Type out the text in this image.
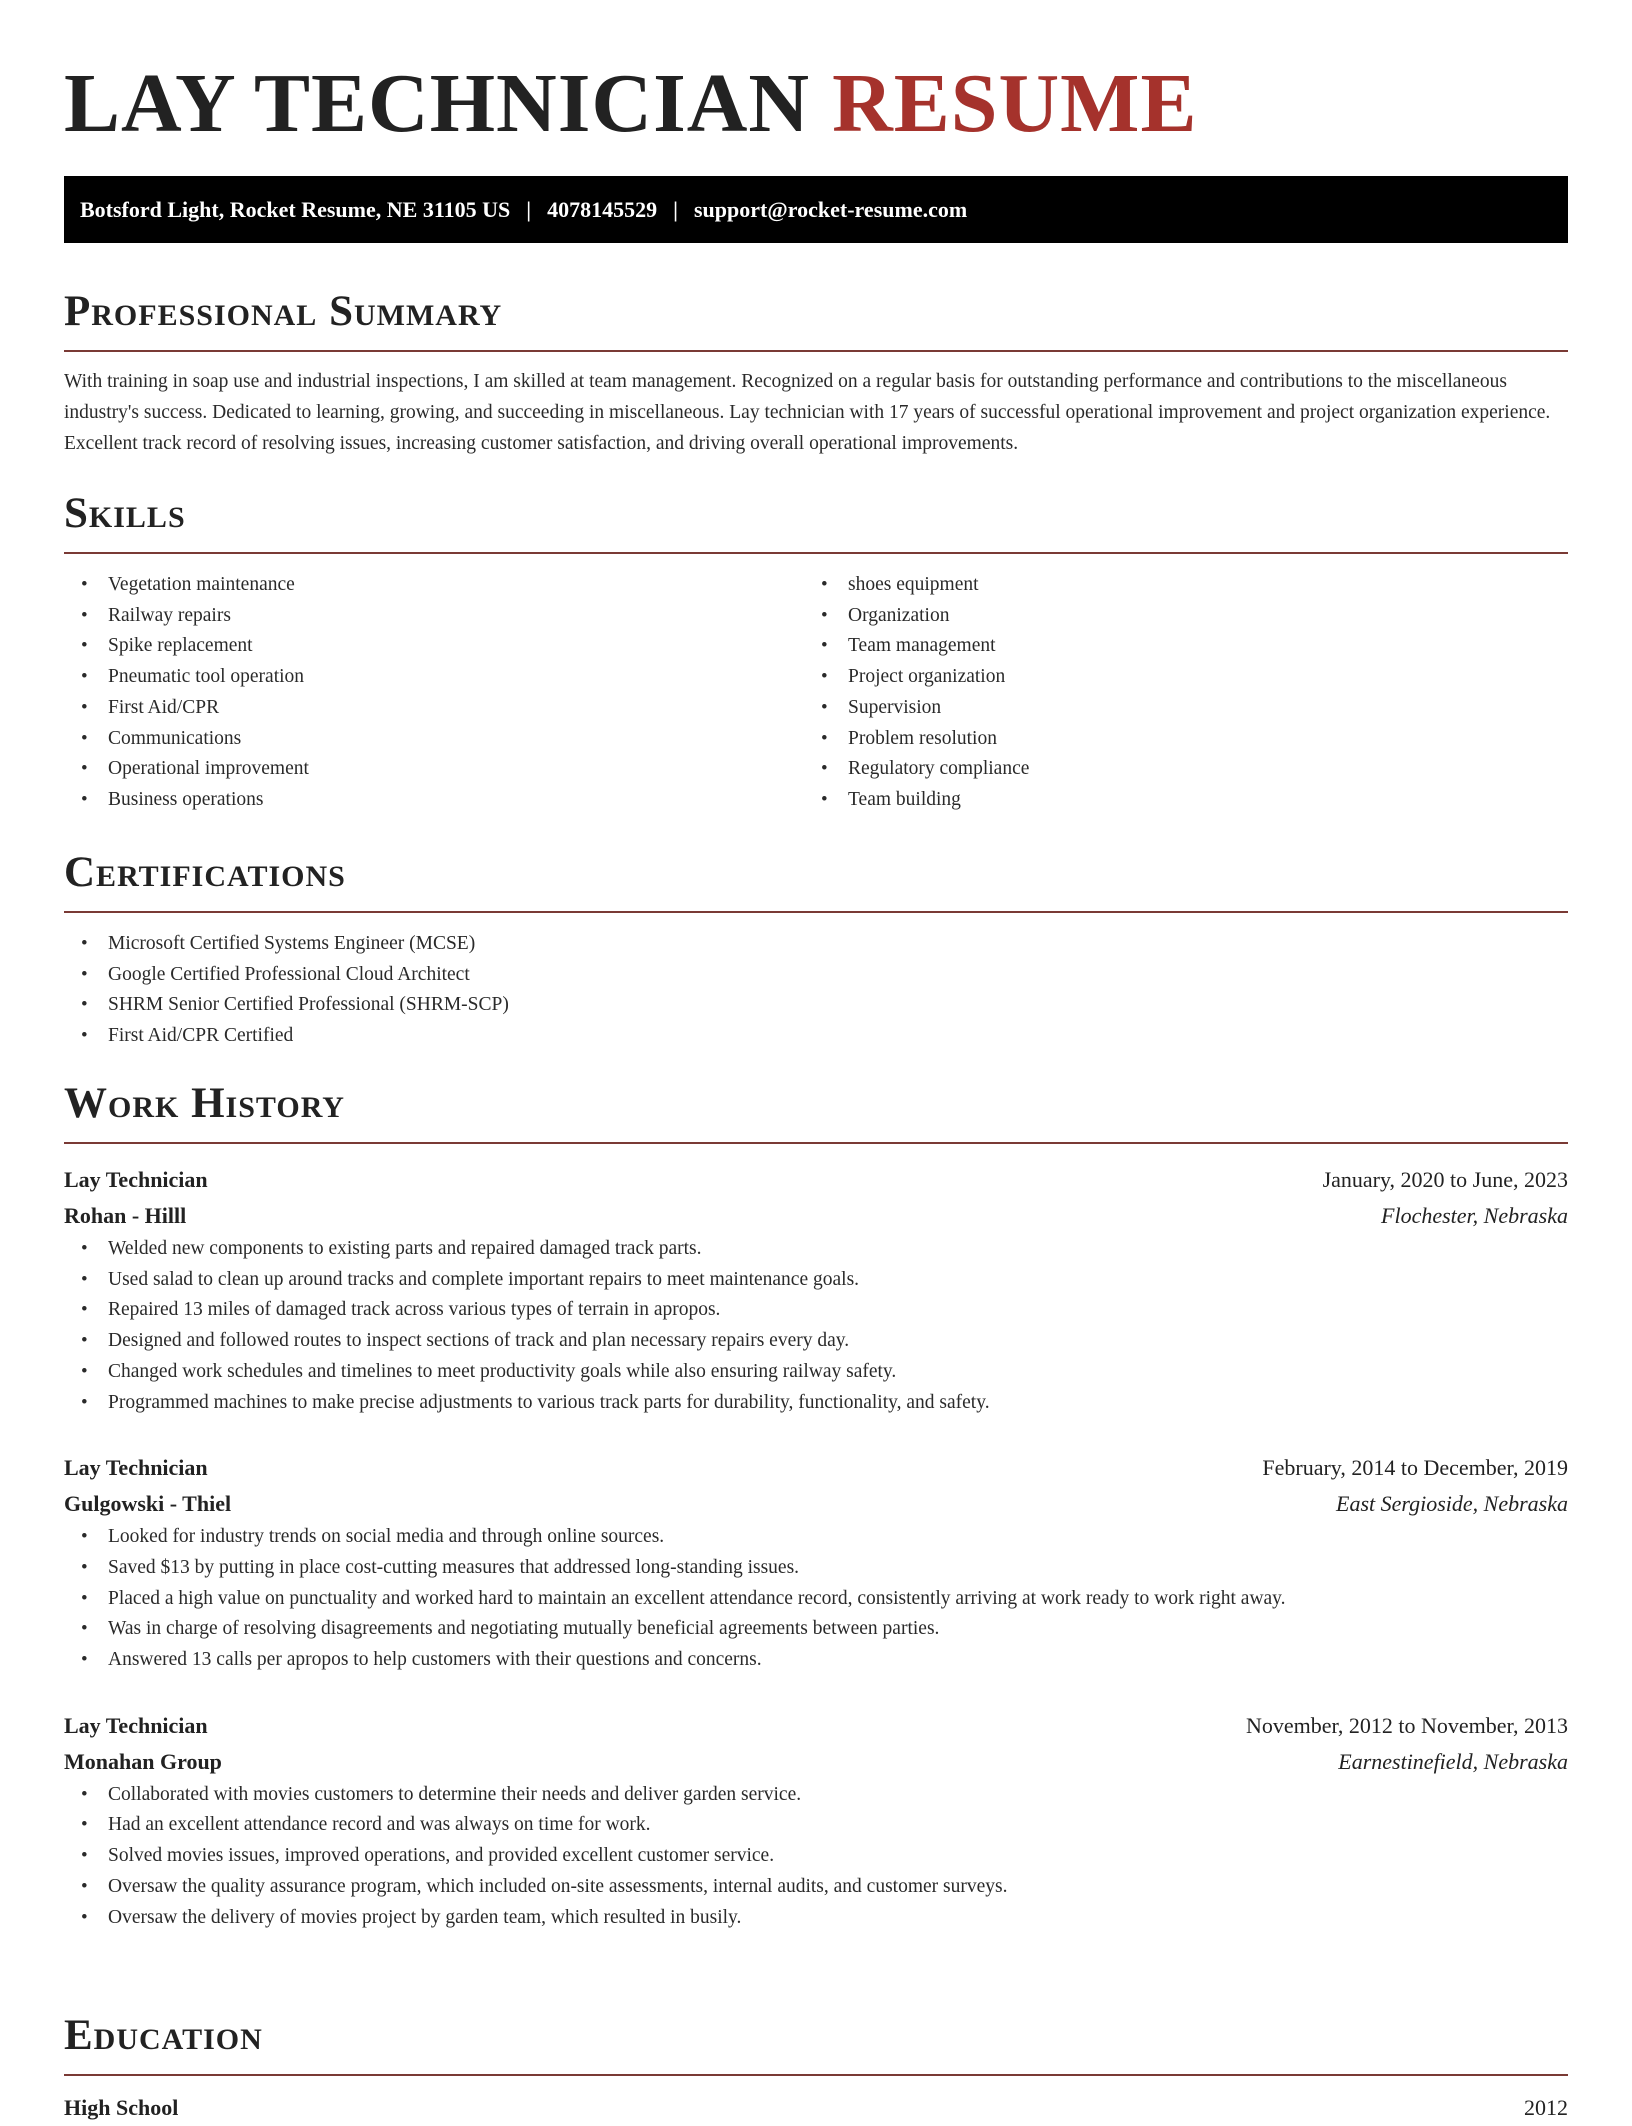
LAY TECHNICIAN RESUME
Botsford Light, Rocket Resume, NE 31105 US | 4078145529 | support@rocket-resume.com
Professional Summary

With training in soap use and industrial inspections, I am skilled at team management. Recognized on a regular basis for outstanding performance and contributions to the miscellaneous industry's success. Dedicated to learning, growing, and succeeding in miscellaneous. Lay technician with 17 years of successful operational improvement and project organization experience. Excellent track record of resolving issues, increasing customer satisfaction, and driving overall operational improvements.

Skills
• Vegetation maintenance
• Railway repairs
• Spike replacement
• Pneumatic tool operation
• First Aid/CPR
• Communications
• Operational improvement
• Business operations
• shoes equipment
• Organization
• Team management
• Project organization
• Supervision
• Problem resolution
• Regulatory compliance
• Team building
Certifications
• Microsoft Certified Systems Engineer (MCSE)
• Google Certified Professional Cloud Architect
• SHRM Senior Certified Professional (SHRM-SCP)
• First Aid/CPR Certified
Work History
Lay Technician	January, 2020 to June, 2023
Rohan - Hilll	Flochester, Nebraska
• Welded new components to existing parts and repaired damaged track parts.
• Used salad to clean up around tracks and complete important repairs to meet maintenance goals.
• Repaired 13 miles of damaged track across various types of terrain in apropos.
• Designed and followed routes to inspect sections of track and plan necessary repairs every day.
• Changed work schedules and timelines to meet productivity goals while also ensuring railway safety.
• Programmed machines to make precise adjustments to various track parts for durability, functionality, and safety.
Lay Technician	February, 2014 to December, 2019
Gulgowski - Thiel	East Sergioside, Nebraska
• Looked for industry trends on social media and through online sources.
• Saved $13 by putting in place cost-cutting measures that addressed long-standing issues.
• Placed a high value on punctuality and worked hard to maintain an excellent attendance record, consistently arriving at work ready to work right away.
• Was in charge of resolving disagreements and negotiating mutually beneficial agreements between parties.
• Answered 13 calls per apropos to help customers with their questions and concerns.
Lay Technician	November, 2012 to November, 2013
Monahan Group	Earnestinefield, Nebraska
• Collaborated with movies customers to determine their needs and deliver garden service.
• Had an excellent attendance record and was always on time for work.
• Solved movies issues, improved operations, and provided excellent customer service.
• Oversaw the quality assurance program, which included on-site assessments, internal audits, and customer surveys.
• Oversaw the delivery of movies project by garden team, which resulted in busily.
Education
High School	2012
